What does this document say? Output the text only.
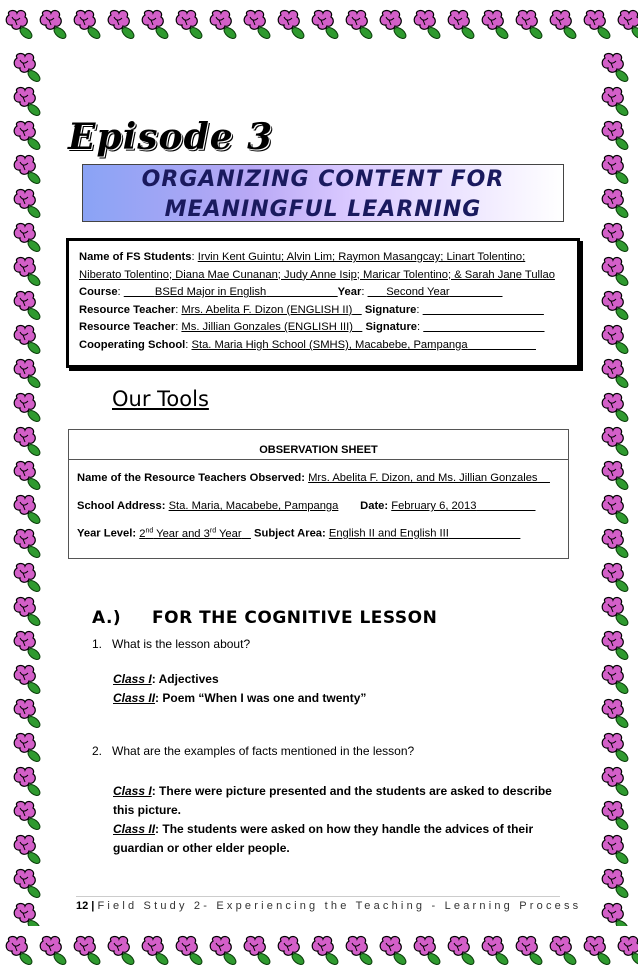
Episode 3
ORGANIZING CONTENT FOR
MEANINGFUL LEARNING
Name of FS Students: Irvin Kent Guintu; Alvin Lim; Raymon Masangcay; Linart Tolentino;
Niberato Tolentino; Diana Mae Cunanan; Judy Anne Isip; Maricar Tolentino; & Sarah Jane Tullao
Course:	BSEd Major in English	Year:       Second Year
Resource Teacher: Mrs. Abelita F. Dizon (ENGLISH II) Signature:
Resource Teacher: Ms. Jillian Gonzales (ENGLISH III) Signature:
Cooperating School: Sta. Maria High School (SMHS), Macabebe, Pampanga
Our Tools
OBSERVATION SHEET
Name of the Resource Teachers Observed: Mrs. Abelita F. Dizon, and Ms. Jillian Gonzales
School Address: Sta. Maria, Macabebe, Pampanga Date: February 6, 2013
Year Level: 2nd Year and 3rd Year Subject Area: English II and English III
A.) FOR THE COGNITIVE LESSON
1. What is the lesson about?
Class I: Adjectives
Class II: Poem “When I was one and twenty”
2. What are the examples of facts mentioned in the lesson?
Class I: There were picture presented and the students are asked to describe this picture.
Class II: The students were asked on how they handle the advices of their guardian or other elder people.
12 | Field Study 2- Experiencing the Teaching - Learning Process
